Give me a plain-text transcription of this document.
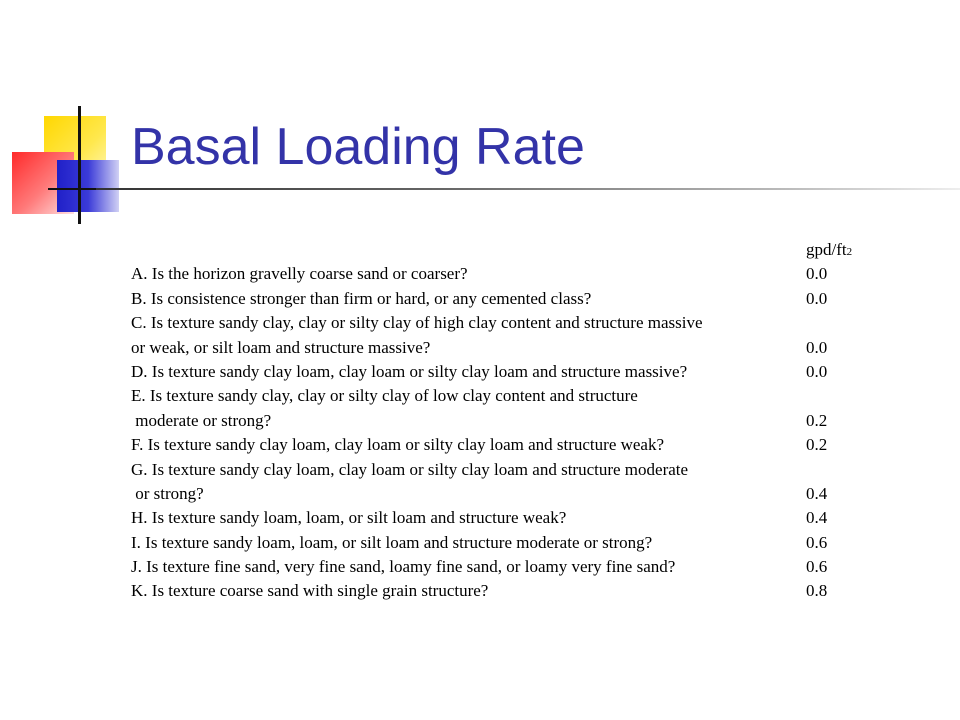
Basal Loading Rate
gpd/ft2
A. Is the horizon gravelly coarse sand or coarser?	0.0
B. Is consistence stronger than firm or hard, or any cemented class?	0.0
C. Is texture sandy clay, clay or silty clay of high clay content and structure massive
or weak, or silt loam and structure massive?	0.0
D. Is texture sandy clay loam, clay loam or silty clay loam and structure massive?	0.0
E. Is texture sandy clay, clay or silty clay of low clay content and structure
moderate or strong?	0.2
F. Is texture sandy clay loam, clay loam or silty clay loam and structure weak?	0.2
G. Is texture sandy clay loam, clay loam or silty clay loam and structure moderate
or strong?	0.4
H. Is texture sandy loam, loam, or silt loam and structure weak?	0.4
I. Is texture sandy loam, loam, or silt loam and structure moderate or strong?	0.6
J. Is texture fine sand, very fine sand, loamy fine sand, or loamy very fine sand?	0.6
K. Is texture coarse sand with single grain structure?	0.8
